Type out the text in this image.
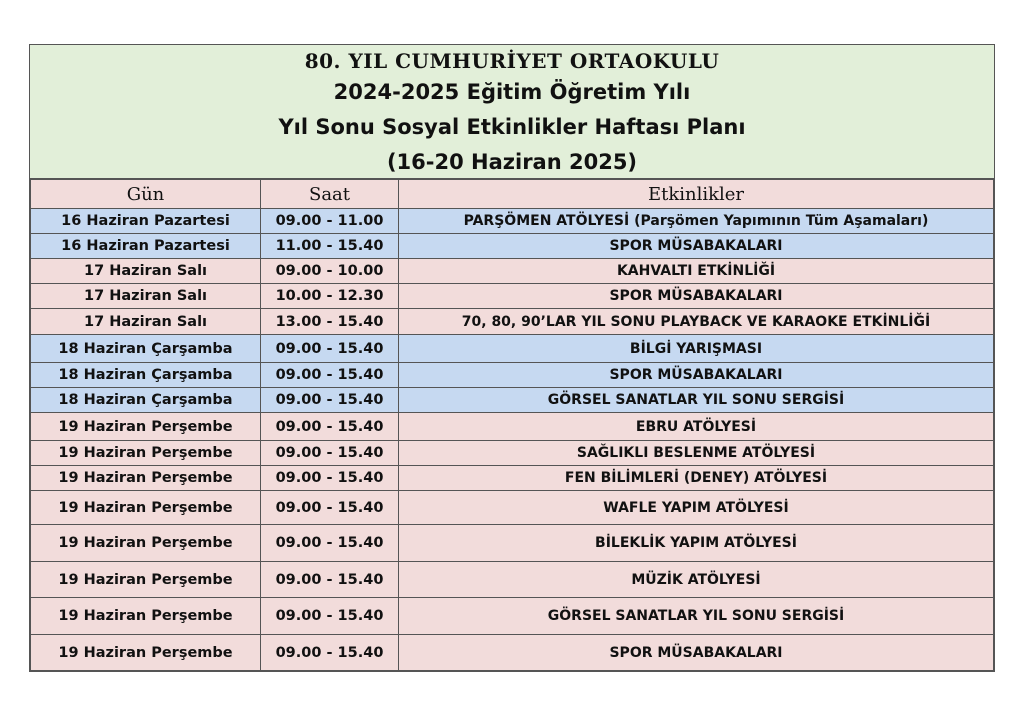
80. YIL CUMHURİYET ORTAOKULU
2024-2025 Eğitim Öğretim Yılı
Yıl Sonu Sosyal Etkinlikler Haftası Planı
(16-20 Haziran 2025)
Gün	Saat	Etkinlikler
16 Haziran Pazartesi	09.00 - 11.00	PARŞÖMEN ATÖLYESİ (Parşömen Yapımının Tüm Aşamaları)
16 Haziran Pazartesi	11.00 - 15.40	SPOR MÜSABAKALARI
17 Haziran Salı	09.00 - 10.00	KAHVALTI ETKİNLİĞİ
17 Haziran Salı	10.00 - 12.30	SPOR MÜSABAKALARI
17 Haziran Salı	13.00 - 15.40	70, 80, 90’LAR YIL SONU PLAYBACK VE KARAOKE ETKİNLİĞİ
18 Haziran Çarşamba	09.00 - 15.40	BİLGİ YARIŞMASI
18 Haziran Çarşamba	09.00 - 15.40	SPOR MÜSABAKALARI
18 Haziran Çarşamba	09.00 - 15.40	GÖRSEL SANATLAR YIL SONU SERGİSİ
19 Haziran Perşembe	09.00 - 15.40	EBRU ATÖLYESİ
19 Haziran Perşembe	09.00 - 15.40	SAĞLIKLI BESLENME ATÖLYESİ
19 Haziran Perşembe	09.00 - 15.40	FEN BİLİMLERİ (DENEY) ATÖLYESİ
19 Haziran Perşembe	09.00 - 15.40	WAFLE YAPIM ATÖLYESİ
19 Haziran Perşembe	09.00 - 15.40	BİLEKLİK YAPIM ATÖLYESİ
19 Haziran Perşembe	09.00 - 15.40	MÜZİK ATÖLYESİ
19 Haziran Perşembe	09.00 - 15.40	GÖRSEL SANATLAR YIL SONU SERGİSİ
19 Haziran Perşembe	09.00 - 15.40	SPOR MÜSABAKALARI
